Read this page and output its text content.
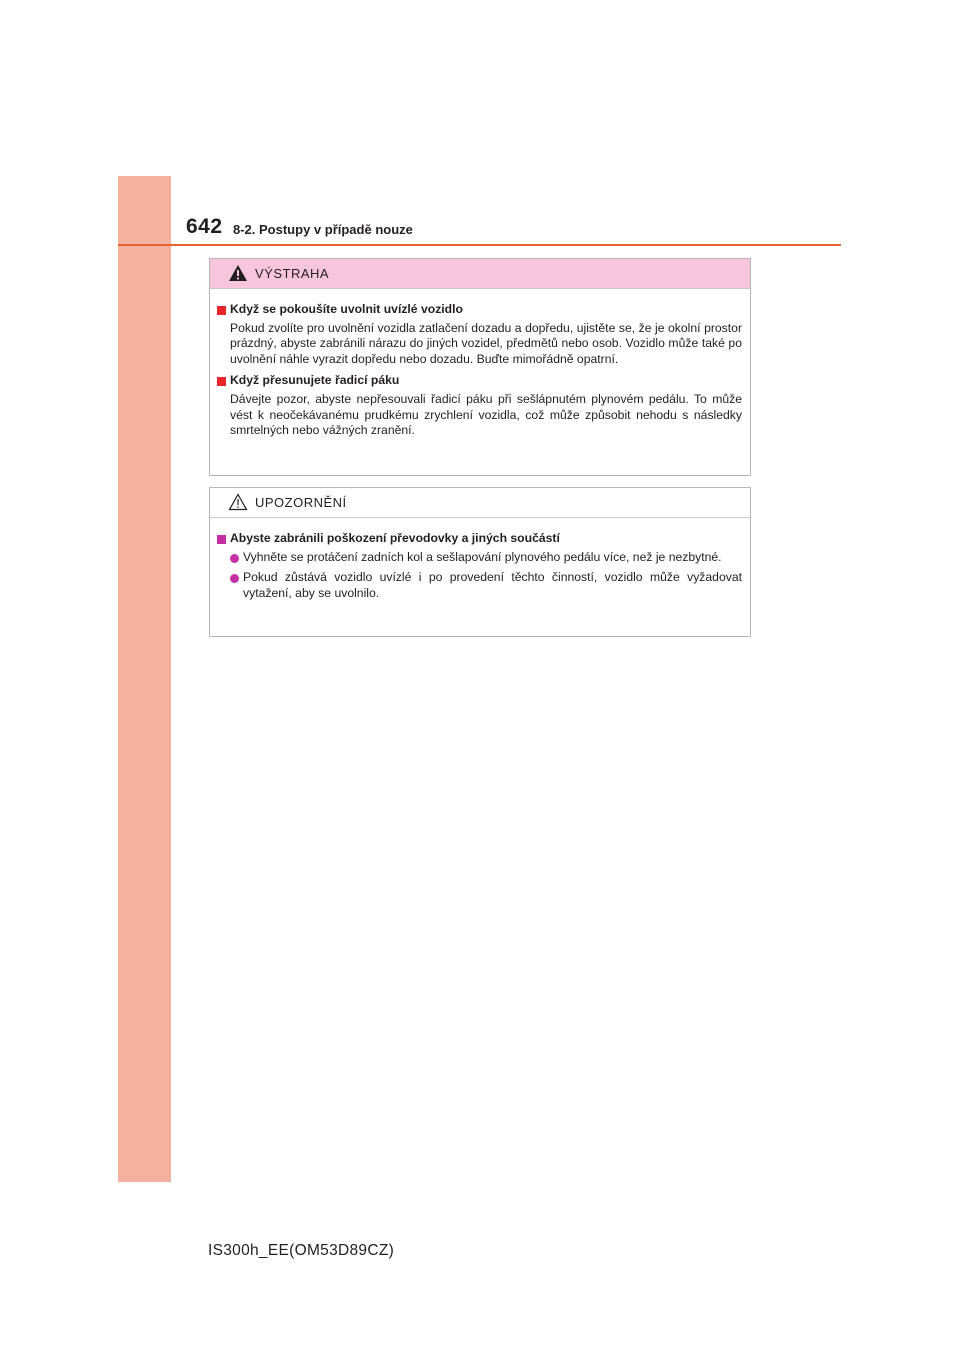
642 8-2. Postupy v případě nouze
VÝSTRAHA
Když se pokoušíte uvolnit uvízlé vozidlo
Pokud zvolíte pro uvolnění vozidla zatlačení dozadu a dopředu, ujistěte se, že je okolní prostor prázdný, abyste zabránili nárazu do jiných vozidel, předmětů nebo osob. Vozidlo může také po uvolnění náhle vyrazit dopředu nebo dozadu. Buďte mimořádně opatrní.
Když přesunujete řadicí páku
Dávejte pozor, abyste nepřesouvali řadicí páku při sešlápnutém plynovém pedálu. To může vést k neočekávanému prudkému zrychlení vozidla, což může způsobit nehodu s následky smrtelných nebo vážných zranění.
UPOZORNĚNÍ
Abyste zabránili poškození převodovky a jiných součástí
Vyhněte se protáčení zadních kol a sešlapování plynového pedálu více, než je nezbytné.
Pokud zůstává vozidlo uvízlé i po provedení těchto činností, vozidlo může vyžadovat vytažení, aby se uvolnilo.
IS300h_EE(OM53D89CZ)
